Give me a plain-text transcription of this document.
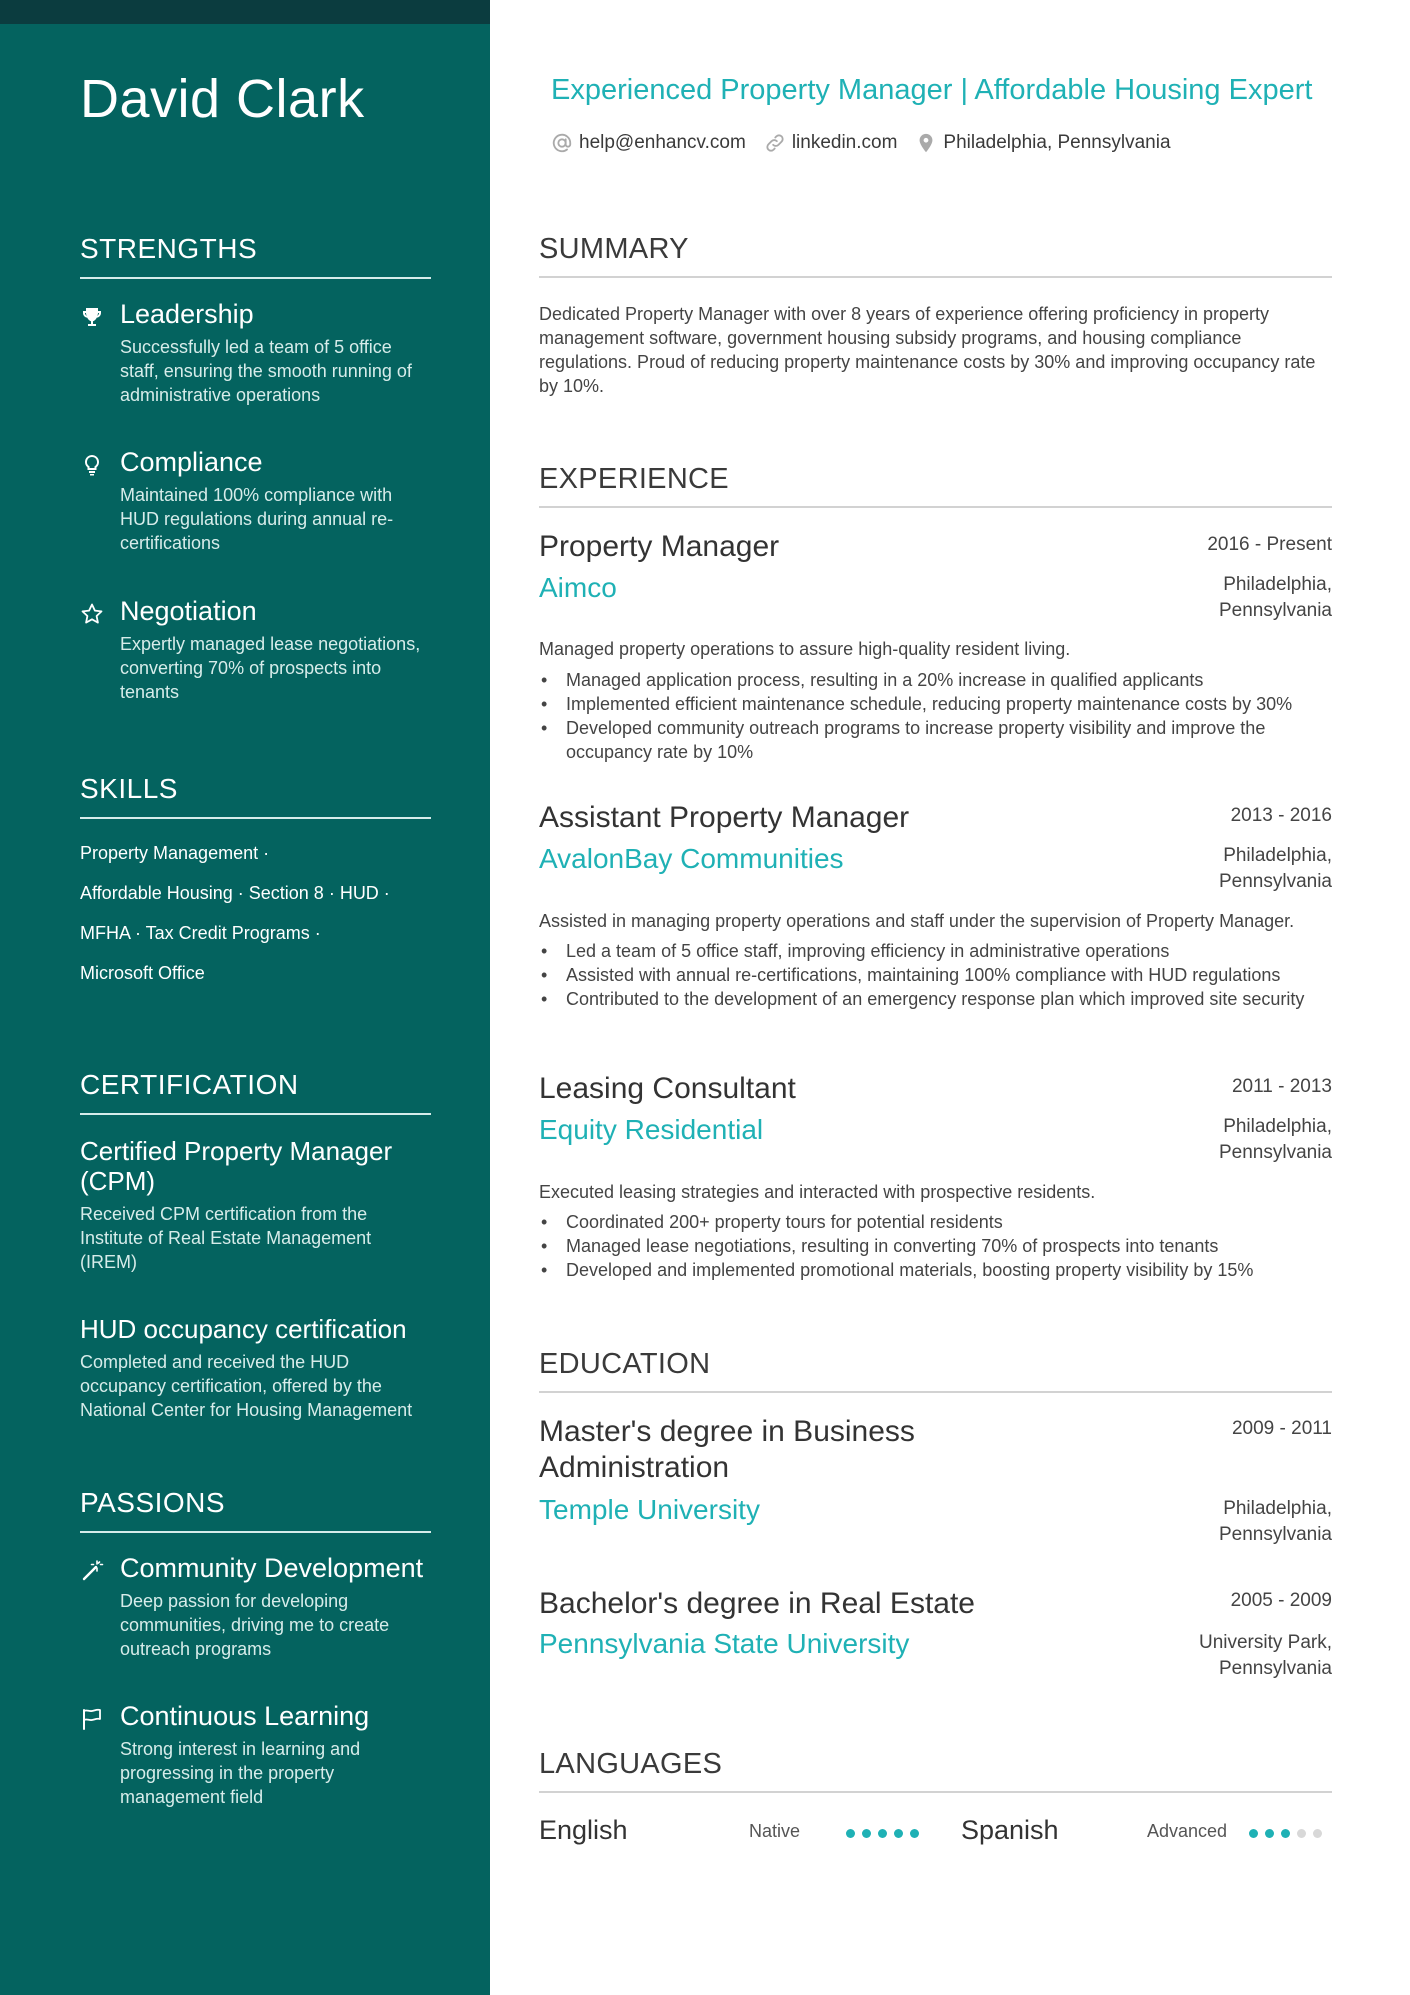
David Clark
STRENGTHS
Leadership
Successfully led a team of 5 office staff, ensuring the smooth running of administrative operations
Compliance
Maintained 100% compliance with HUD regulations during annual re-certifications
Negotiation
Expertly managed lease negotiations, converting 70% of prospects into tenants
SKILLS
Property Management ·
Affordable Housing · Section 8 · HUD ·
MFHA · Tax Credit Programs ·
Microsoft Office
CERTIFICATION
Certified Property Manager (CPM)
Received CPM certification from the Institute of Real Estate Management (IREM)
HUD occupancy certification
Completed and received the HUD occupancy certification, offered by the National Center for Housing Management
PASSIONS
Community Development
Deep passion for developing communities, driving me to create outreach programs
Continuous Learning
Strong interest in learning and progressing in the property management field
Experienced Property Manager | Affordable Housing Expert
help@enhancv.com linkedin.com Philadelphia, Pennsylvania
SUMMARY
Dedicated Property Manager with over 8 years of experience offering proficiency in property management software, government housing subsidy programs, and housing compliance regulations. Proud of reducing property maintenance costs by 30% and improving occupancy rate by 10%.
EXPERIENCE
Property Manager
Aimco
2016 - Present
Philadelphia, Pennsylvania
Managed property operations to assure high-quality resident living.
• Managed application process, resulting in a 20% increase in qualified applicants
• Implemented efficient maintenance schedule, reducing property maintenance costs by 30%
• Developed community outreach programs to increase property visibility and improve the occupancy rate by 10%
Assistant Property Manager
AvalonBay Communities
2013 - 2016
Philadelphia, Pennsylvania
Assisted in managing property operations and staff under the supervision of Property Manager.
• Led a team of 5 office staff, improving efficiency in administrative operations
• Assisted with annual re-certifications, maintaining 100% compliance with HUD regulations
• Contributed to the development of an emergency response plan which improved site security
Leasing Consultant
Equity Residential
2011 - 2013
Philadelphia, Pennsylvania
Executed leasing strategies and interacted with prospective residents.
• Coordinated 200+ property tours for potential residents
• Managed lease negotiations, resulting in converting 70% of prospects into tenants
• Developed and implemented promotional materials, boosting property visibility by 15%
EDUCATION
Master's degree in Business Administration
Temple University
2009 - 2011
Philadelphia, Pennsylvania
Bachelor's degree in Real Estate
Pennsylvania State University
2005 - 2009
University Park, Pennsylvania
LANGUAGES
English	Native	Spanish	Advanced
